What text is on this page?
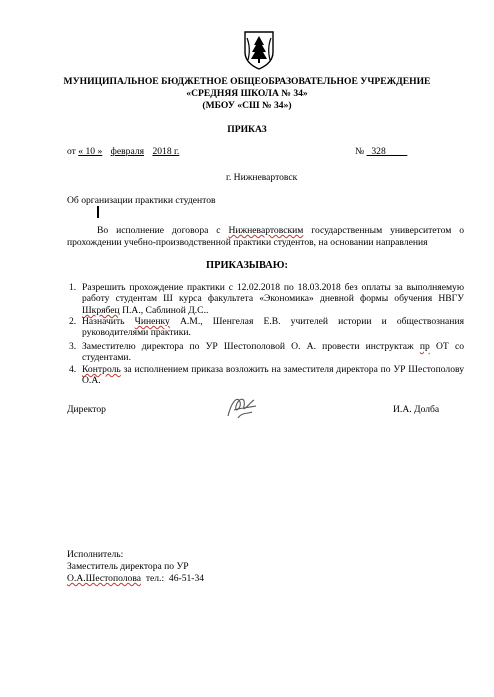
МУНИЦИПАЛЬНОЕ БЮДЖЕТНОЕ ОБЩЕОБРАЗОВАТЕЛЬНОЕ УЧРЕЖДЕНИЕ
«СРЕДНЯЯ ШКОЛА № 34»
(МБОУ «СШ № 34»)
ПРИКАЗ
от « 10 » февраля 2018 г.	№   328
г. Нижневартовск
Об организации практики студентов
Во исполнение договора с Нижневартовским государственным университетом о прохождении учебно-производственной практики студентов, на основании направления
ПРИКАЗЫВАЮ:
1. Разрешить прохождение практики с 12.02.2018 по 18.03.2018 без оплаты за выполняемую работу студентам Ш курса факультета «Экономика» дневной формы обучения НВГУ Шкрябец П.А., Саблиной Д.С..
2. Назначить Чиненку А.М., Шенгелая Е.В. учителей истории и обществознания руководителями практики.
3. Заместителю директора по УР Шестополовой О. А. провести инструктаж пр ОТ со студентами.
4. Контроль за исполнением приказа возложить на заместителя директора по УР Шестополову О.А.
Директор	И.А. Долба
Исполнитель:
Заместитель директора по УР
О.А.Шестополова  тел.:  46-51-34
